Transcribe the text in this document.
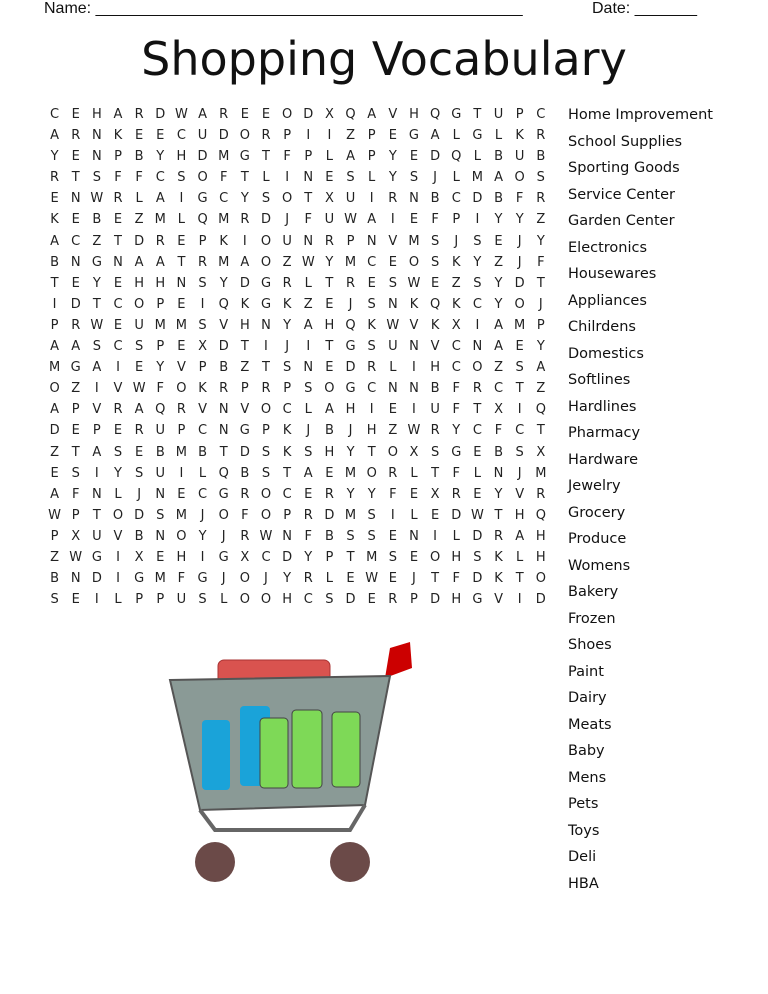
Name: ________________________________________________	Date: _______
Shopping Vocabulary
C E H A R D W A R E E O D X Q A V H Q G T U P C
A R N K E E C U D O R P	I	I	Z P	E G A	L G L	K R
Y	E N P B Y H D M G T	F	P	L	A P	Y	E D Q L	B U B
R T	S	F	F C S O F	T	L	I	N E S	L	Y	S	J	L M A O S
E N W R L	A	I	G C Y	S O T X U	I	R N B C D B F R
K E B E Z M L Q M R D	J	F U W A	I	E	F	P	I	Y	Y Z
A C Z T D R E	P K	I	O U N R P N V M S	J	S E	J	Y
B N G N A A T R M A O Z W Y M C E O S K Y Z	J	F
T	E	Y	E H H N S	Y D G R L	T R E S W E Z S	Y D T
I	D T C O P	E	I	Q K G K Z E	J	S N K Q K C Y O	J
P R W E U M M S V H N Y A H Q K W V K X	I	A M P
A A S C S	P	E X D T	I	J	I	T G S U N V C N A E	Y
M G A	I	E	Y V P B Z T	S N E D R L	I	H C O Z S A
O Z	I	V W F O K R P R P	S O G C N N B F R C T Z
A P V R A Q R V N V O C L	A H	I	E	I	U F	T X	I	Q
D E	P	E R U P C N G P K	J	B	J	H Z W R Y C F C T
Z T A S E B M B T D S K S H Y	T O X S G E B S X
E S	I	Y	S U	I	L Q B S	T A E M O R L	T	F	L N	J	M
A F N L	J	N E C G R O C E R Y	Y	F	E X R E	Y V R
W P	T O D S M	J	O F O P R D M S	I	L	E D W T H Q
P X U V B N O Y	J	R W N F B S S E N	I	L D R A H
Z W G	I	X E H	I	G X C D Y	P	T M S E O H S K	L H
B N D	I	G M F G	J	O	J	Y R L	E W E	J	T	F D K T O
S E	I	L	P	P U S	L O O H C S D E R P D H G V	I	D
Home Improvement
School Supplies
Sporting Goods
Service Center
Garden Center
Electronics
Housewares
Appliances
Chilrdens
Domestics
Softlines
Hardlines
Pharmacy
Hardware
Jewelry
Grocery
Produce
Womens
Bakery
Frozen
Shoes
Paint
Dairy
Meats
Baby
Mens
Pets
Toys
Deli
HBA
